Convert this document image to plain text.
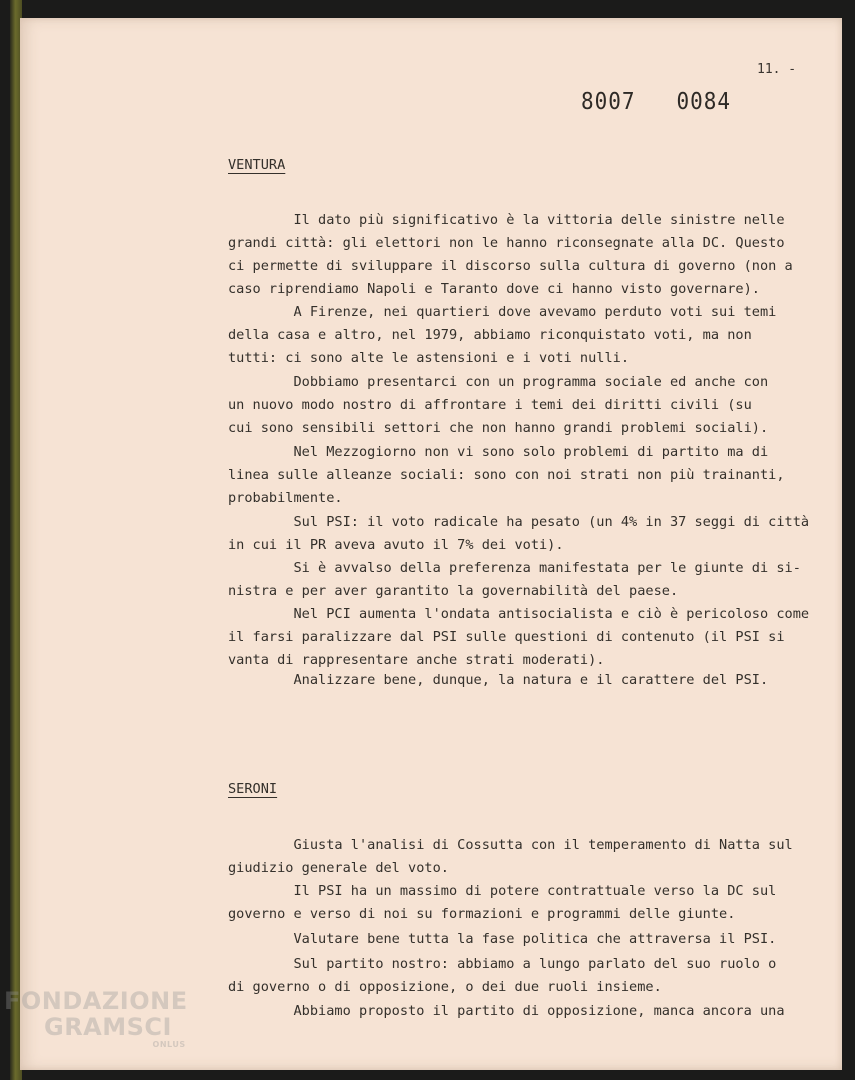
11. -
8007   0084
VENTURA

Il dato più significativo è la vittoria delle sinistre nelle
grandi città: gli elettori non le hanno riconsegnate alla DC. Questo
ci permette di sviluppare il discorso sulla cultura di governo (non a
caso riprendiamo Napoli e Taranto dove ci hanno visto governare).

A Firenze, nei quartieri dove avevamo perduto voti sui temi
della casa e altro, nel 1979, abbiamo riconquistato voti, ma non
tutti: ci sono alte le astensioni e i voti nulli.

Dobbiamo presentarci con un programma sociale ed anche con
un nuovo modo nostro di affrontare i temi dei diritti civili (su
cui sono sensibili settori che non hanno grandi problemi sociali).

Nel Mezzogiorno non vi sono solo problemi di partito ma di
linea sulle alleanze sociali: sono con noi strati non più trainanti,
probabilmente.

Sul PSI: il voto radicale ha pesato (un 4% in 37 seggi di città
in cui il PR aveva avuto il 7% dei voti).

Si è avvalso della preferenza manifestata per le giunte di si-
nistra e per aver garantito la governabilità del paese.

Nel PCI aumenta l'ondata antisocialista e ciò è pericoloso come
il farsi paralizzare dal PSI sulle questioni di contenuto (il PSI si
vanta di rappresentare anche strati moderati).

Analizzare bene, dunque, la natura e il carattere del PSI.

SERONI

Giusta l'analisi di Cossutta con il temperamento di Natta sul
giudizio generale del voto.

Il PSI ha un massimo di potere contrattuale verso la DC sul
governo e verso di noi su formazioni e programmi delle giunte.

Valutare bene tutta la fase politica che attraversa il PSI.

Sul partito nostro: abbiamo a lungo parlato del suo ruolo o
di governo o di opposizione, o dei due ruoli insieme.

Abbiamo proposto il partito di opposizione, manca ancora una

FONDAZIONE
GRAMSCI
ONLUS
